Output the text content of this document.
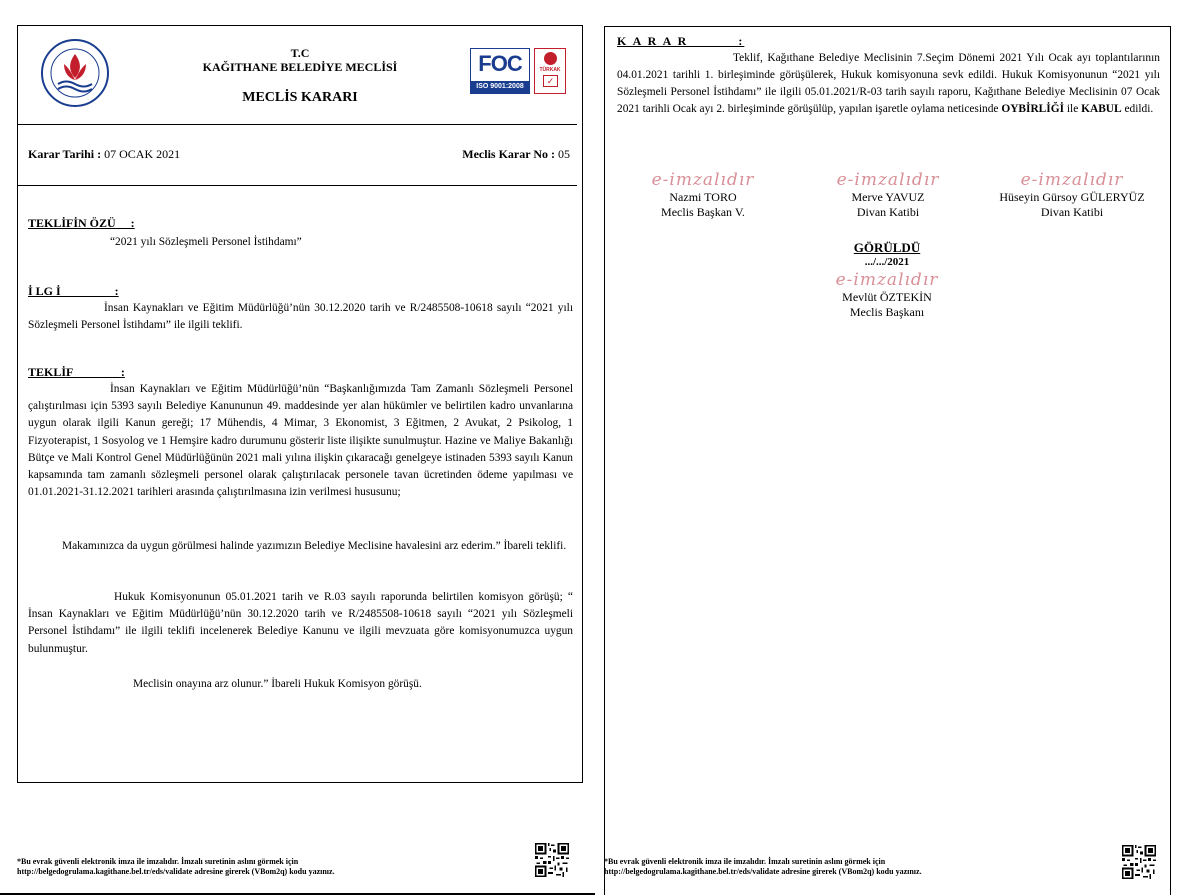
T.C
KAĞITHANE BELEDİYE MECLİSİ
MECLİS KARARI
FOC
ISO 9001:2008
TÜRKAK
✓
Karar Tarihi : 07 OCAK 2021	Meclis Karar No : 05
TEKLİFİN ÖZÜ     :
“2021 yılı Sözleşmeli Personel İstihdamı”
İ LG İ                  :
İnsan Kaynakları ve Eğitim Müdürlüğü’nün 30.12.2020 tarih ve R/2485508-10618 sayılı “2021 yılı Sözleşmeli Personel İstihdamı” ile ilgili teklifi.
TEKLİF                :
İnsan Kaynakları ve Eğitim Müdürlüğü’nün “Başkanlığımızda Tam Zamanlı Sözleşmeli Personel çalıştırılması için 5393 sayılı Belediye Kanununun 49. maddesinde yer alan hükümler ve belirtilen kadro unvanlarına uygun olarak ilgili Kanun gereği; 17 Mühendis, 4 Mimar, 3 Ekonomist, 3 Eğitmen, 2 Avukat, 2 Psikolog, 1 Fizyoterapist, 1 Sosyolog ve 1 Hemşire kadro durumunu gösterir liste ilişikte sunulmuştur. Hazine ve Maliye Bakanlığı Bütçe ve Mali Kontrol Genel Müdürlüğünün 2021 mali yılına ilişkin çıkaracağı genelgeye istinaden 5393 sayılı Kanun kapsamında tam zamanlı sözleşmeli personel olarak çalıştırılacak personele tavan ücretinden ödeme yapılması ve 01.01.2021-31.12.2021 tarihleri arasında çalıştırılmasına izin verilmesi hususunu;
Makamınızca da uygun görülmesi halinde yazımızın Belediye Meclisine havalesini arz ederim.” İbareli teklifi.
Hukuk Komisyonunun 05.01.2021 tarih ve R.03 sayılı raporunda belirtilen komisyon görüşü; “ İnsan Kaynakları ve Eğitim Müdürlüğü’nün 30.12.2020 tarih ve R/2485508-10618 sayılı “2021 yılı Sözleşmeli Personel İstihdamı” ile ilgili teklifi incelenerek Belediye Kanunu ve ilgili mevzuata göre komisyonumuzca uygun bulunmuştur.
Meclisin onayına arz olunur.” İbareli Hukuk Komisyon görüşü.
*Bu evrak güvenli elektronik imza ile imzalıdır. İmzalı suretinin aslını görmek için
http://belgedogrulama.kagithane.bel.tr/eds/validate adresine girerek (VBom2q) kodu yazınız.
K A R A R          :
Teklif, Kağıthane Belediye Meclisinin 7.Seçim Dönemi 2021 Yılı Ocak ayı toplantılarının 04.01.2021 tarihli 1. birleşiminde görüşülerek, Hukuk komisyonuna sevk edildi. Hukuk Komisyonunun “2021 yılı Sözleşmeli Personel İstihdamı” ile ilgili 05.01.2021/R-03 tarih sayılı raporu, Kağıthane Belediye Meclisinin 07 Ocak 2021 tarihli Ocak ayı 2. birleşiminde görüşülüp, yapılan işaretle oylama neticesinde OYBİRLİĞİ ile KABUL edildi.
e-imzalıdır
Nazmi TORO
Meclis Başkan V.
e-imzalıdır
Merve YAVUZ
Divan Katibi
e-imzalıdır
Hüseyin Gürsoy GÜLERYÜZ
Divan Katibi
GÖRÜLDÜ
.../.../2021
e-imzalıdır
Mevlüt ÖZTEKİN
Meclis Başkanı
*Bu evrak güvenli elektronik imza ile imzalıdır. İmzalı suretinin aslını görmek için
http://belgedogrulama.kagithane.bel.tr/eds/validate adresine girerek (VBom2q) kodu yazınız.
